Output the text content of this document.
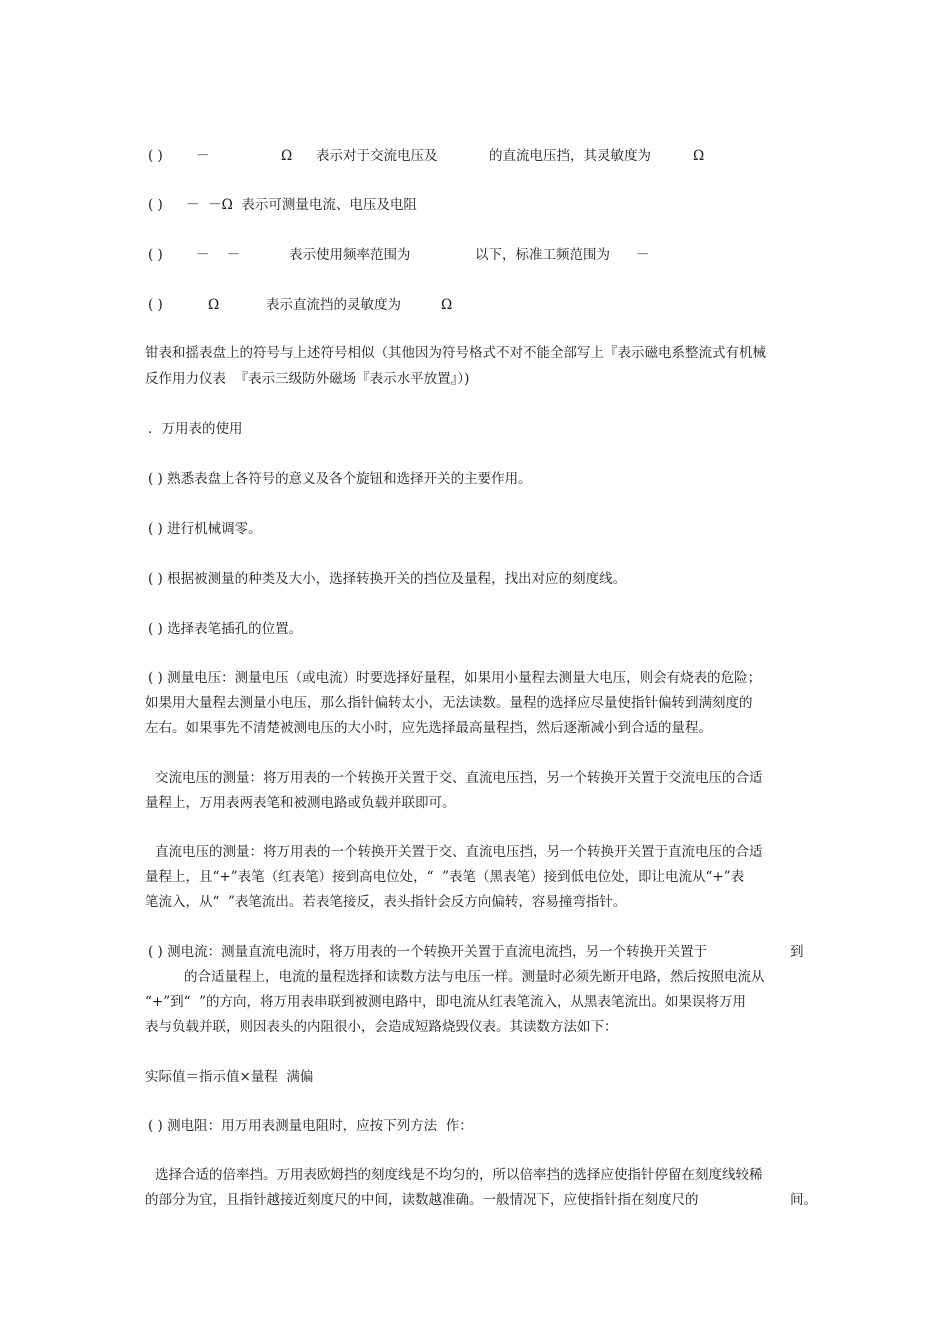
( ) －	Ω 表示对于交流电压及	的直流电压挡，其灵敏度为	Ω
( ) －  －Ω  表示可测量电流、电压及电阻
( ) －    －	表示使用频率范围为	以下，标准工频范围为 －
( )	Ω	表示直流挡的灵敏度为	Ω
钳表和摇表盘上的符号与上述符号相似（其他因为符号格式不对不能全部写上『表示磁电系整流式有机械
反作用力仪表  『表示三级防外磁场『表示水平放置』）)
．万用表的使用
( ) 熟悉表盘上各符号的意义及各个旋钮和选择开关的主要作用。
( ) 进行机械调零。
( ) 根据被测量的种类及大小，选择转换开关的挡位及量程，找出对应的刻度线。
( ) 选择表笔插孔的位置。
( ) 测量电压：测量电压（或电流）时要选择好量程，如果用小量程去测量大电压，则会有烧表的危险；
如果用大量程去测量小电压，那么指针偏转太小，无法读数。量程的选择应尽量使指针偏转到满刻度的
左右。如果事先不清楚被测电压的大小时，应先选择最高量程挡，然后逐渐减小到合适的量程。
交流电压的测量：将万用表的一个转换开关置于交、直流电压挡，另一个转换开关置于交流电压的合适
量程上，万用表两表笔和被测电路或负载并联即可。
直流电压的测量：将万用表的一个转换开关置于交、直流电压挡，另一个转换开关置于直流电压的合适
量程上，且“+”表笔（红表笔）接到高电位处，“  ”表笔（黑表笔）接到低电位处，即让电流从“+”表
笔流入，从“  ”表笔流出。若表笔接反，表头指针会反方向偏转，容易撞弯指针。
( ) 测电流：测量直流电流时，将万用表的一个转换开关置于直流电流挡，另一个转换开关置于	到
的合适量程上，电流的量程选择和读数方法与电压一样。测量时必须先断开电路，然后按照电流从
“+”到“  ”的方向，将万用表串联到被测电路中，即电流从红表笔流入，从黑表笔流出。如果误将万用
表与负载并联，则因表头的内阻很小，会造成短路烧毁仪表。其读数方法如下：
实际值＝指示值×量程  满偏
( ) 测电阻：用万用表测量电阻时，应按下列方法  作：
选择合适的倍率挡。万用表欧姆挡的刻度线是不均匀的，所以倍率挡的选择应使指针停留在刻度线较稀
的部分为宜，且指针越接近刻度尺的中间，读数越准确。一般情况下，应使指针指在刻度尺的	间。
